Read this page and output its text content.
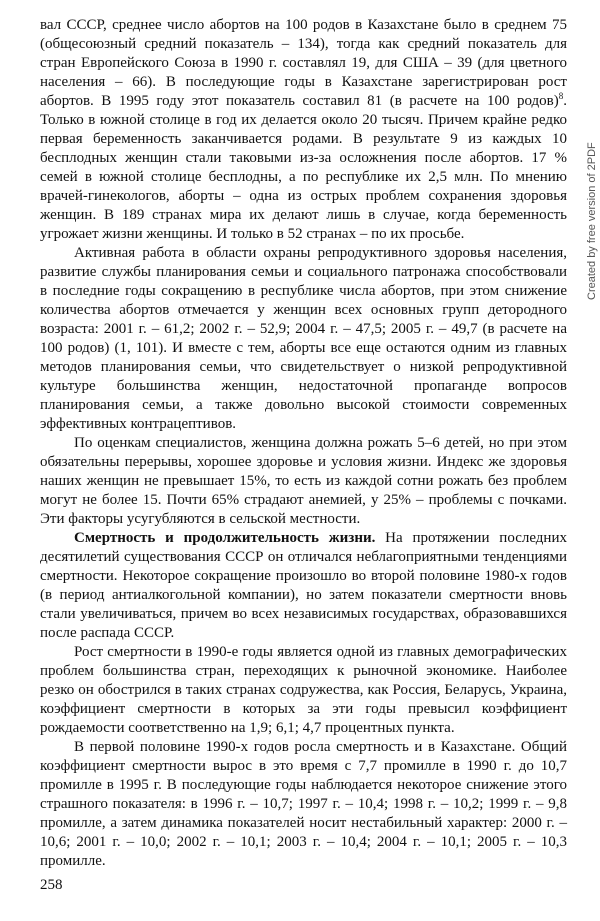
вал СССР, среднее число абортов на 100 родов в Казахстане было в среднем 75 (общесоюзный средний показатель – 134), тогда как средний показатель для стран Европейского Союза в 1990 г. составлял 19, для США – 39 (для цветного населения – 66). В последующие годы в Казахстане зарегистрирован рост абортов. В 1995 году этот показатель составил 81 (в расчете на 100 родов)$^8$. Только в южной столице в год их делается около 20 тысяч. Причем крайне редко первая беременность заканчивается родами. В результате 9 из каждых 10 бесплодных женщин стали таковыми из-за осложнения после абортов. 17 % семей в южной столице бесплодны, а по республике их 2,5 млн. По мнению врачей-гинекологов, аборты – одна из острых проблем сохранения здоровья женщин. В 189 странах мира их делают лишь в случае, когда беременность угрожает жизни женщины. И только в 52 странах – по их просьбе.

Активная работа в области охраны репродуктивного здоровья населения, развитие службы планирования семьи и социального патронажа способствовали в последние годы сокращению в республике числа абортов, при этом снижение количества абортов отмечается у женщин всех основных групп детородного возраста: 2001 г. – 61,2; 2002 г. – 52,9; 2004 г. – 47,5; 2005 г. – 49,7 (в расчете на 100 родов) (1, 101). И вместе с тем, аборты все еще остаются одним из главных методов планирования семьи, что свидетельствует о низкой репродуктивной культуре большинства женщин, недостаточной пропаганде вопросов планирования семьи, а также довольно высокой стоимости современных эффективных контрацептивов.

По оценкам специалистов, женщина должна рожать 5–6 детей, но при этом обязательны перерывы, хорошее здоровье и условия жизни. Индекс же здоровья наших женщин не превышает 15%, то есть из каждой сотни рожать без проблем могут не более 15. Почти 65% страдают анемией, у 25% – проблемы с почками. Эти факторы усугубляются в сельской местности.

Смертность и продолжительность жизни. На протяжении последних десятилетий существования СССР он отличался неблагоприятными тенденциями смертности. Некоторое сокращение произошло во второй половине 1980-х годов (в период антиалкогольной компании), но затем показатели смертности вновь стали увеличиваться, причем во всех независимых государствах, образовавшихся после распада СССР.

Рост смертности в 1990-е годы является одной из главных демографических проблем большинства стран, переходящих к рыночной экономике. Наиболее резко он обострился в таких странах содружества, как Россия, Беларусь, Украина, коэффициент смертности в которых за эти годы превысил коэффициент рождаемости соответственно на 1,9; 6,1; 4,7 процентных пункта.

В первой половине 1990-х годов росла смертность и в Казахстане. Общий коэффициент смертности вырос в это время с 7,7 промилле в 1990 г. до 10,7 промилле в 1995 г. В последующие годы наблюдается некоторое снижение этого страшного показателя: в 1996 г. – 10,7; 1997 г. – 10,4; 1998 г. – 10,2; 1999 г. – 9,8 промилле, а затем динамика показателей носит нестабильный характер: 2000 г. – 10,6; 2001 г. – 10,0; 2002 г. – 10,1; 2003 г. – 10,4; 2004 г. – 10,1; 2005 г. – 10,3 промилле.

258
Created by free version of 2PDF
